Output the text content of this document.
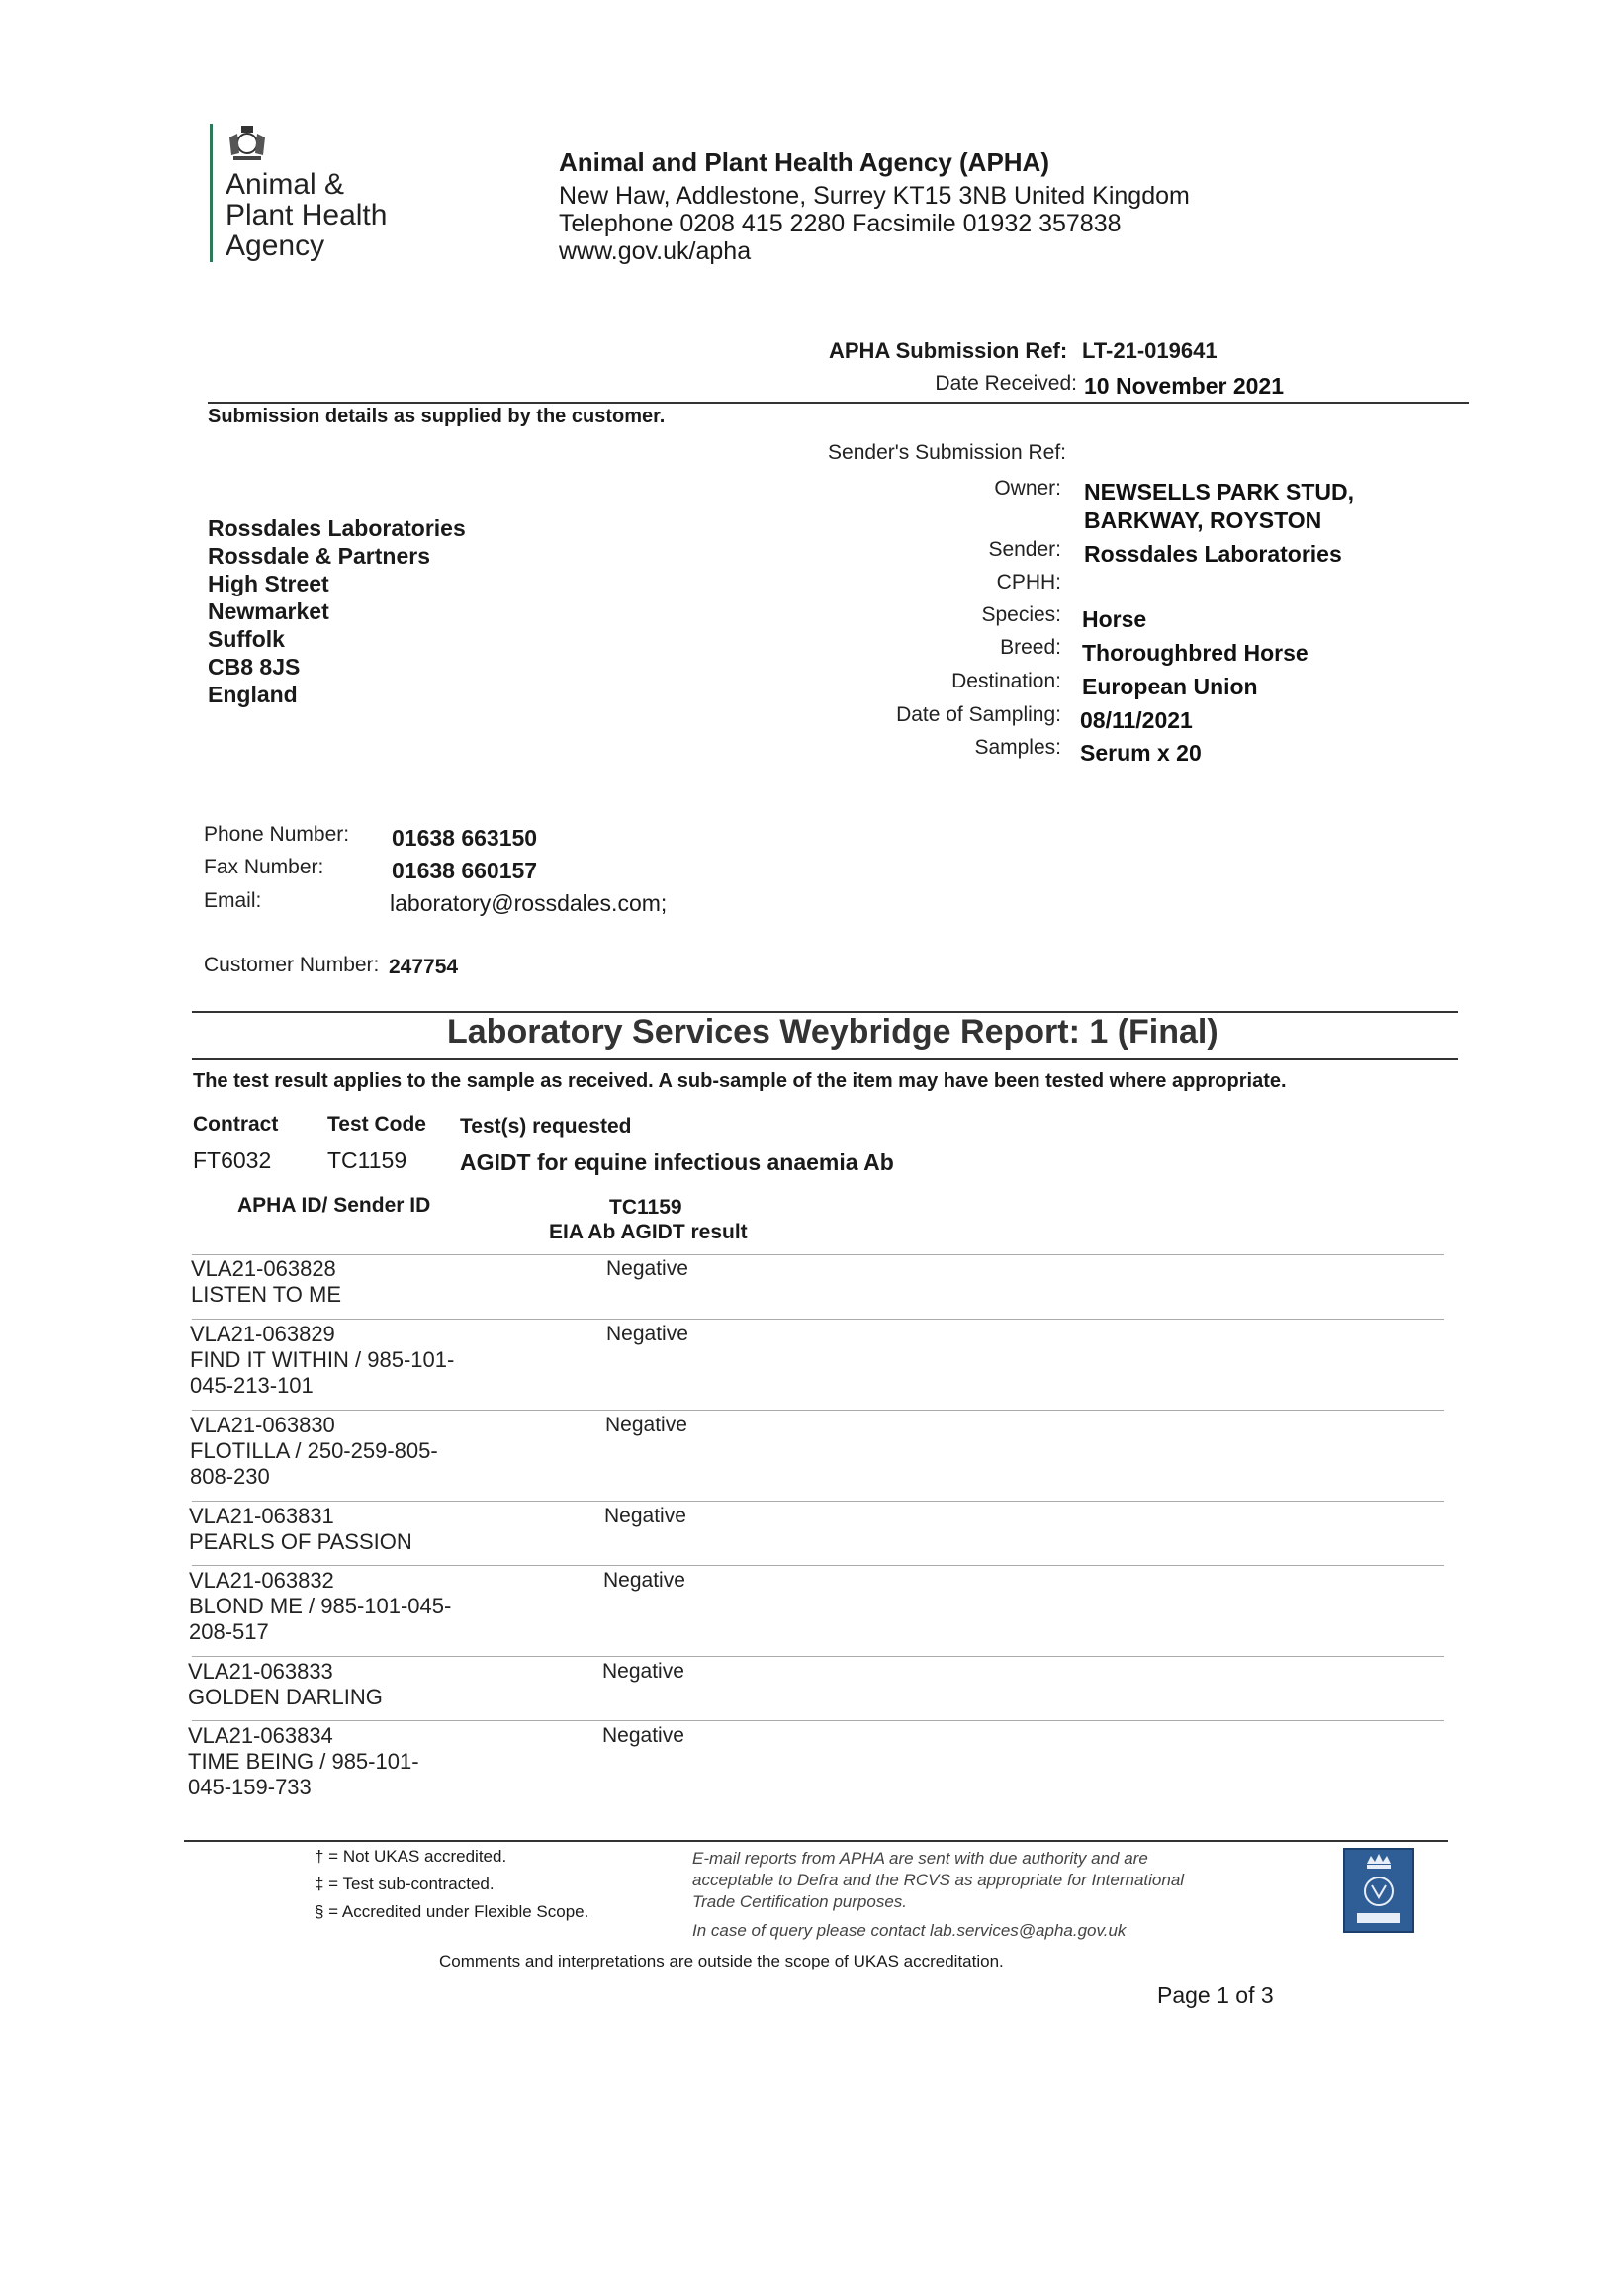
Animal &
Plant Health
Agency
Animal and Plant Health Agency (APHA)
New Haw, Addlestone, Surrey KT15 3NB United Kingdom
Telephone 0208 415 2280 Facsimile 01932 357838
www.gov.uk/apha
APHA Submission Ref: LT-21-019641
Date Received: 10 November 2021
Submission details as supplied by the customer.
Sender's Submission Ref:
Owner: NEWSELLS PARK STUD,
BARKWAY, ROYSTON
Sender: Rossdales Laboratories
CPHH:
Species: Horse
Breed: Thoroughbred Horse
Destination: European Union
Date of Sampling: 08/11/2021
Samples: Serum x 20
Rossdales Laboratories
Rossdale & Partners
High Street
Newmarket
Suffolk
CB8 8JS
England
Phone Number: 01638 663150
Fax Number:	01638 660157
Email:	laboratory@rossdales.com;
Customer Number: 247754
Laboratory Services Weybridge Report: 1 (Final)
The test result applies to the sample as received. A sub-sample of the item may have been tested where appropriate.
Contract Test Code Test(s) requested
FT6032 TC1159 AGIDT for equine infectious anaemia Ab
APHA ID/ Sender ID	TC1159
EIA Ab AGIDT result
VLA21-063828
LISTEN TO ME
Negative
VLA21-063829
FIND IT WITHIN / 985-101-
045-213-101
Negative
VLA21-063830
FLOTILLA / 250-259-805-
808-230
Negative
VLA21-063831
PEARLS OF PASSION
Negative
VLA21-063832
BLOND ME / 985-101-045-
208-517
Negative
VLA21-063833
GOLDEN DARLING
Negative
VLA21-063834
TIME BEING / 985-101-
045-159-733
Negative
† = Not UKAS accredited.
‡ = Test sub-contracted.
§ = Accredited under Flexible Scope.
E-mail reports from APHA are sent with due authority and are
acceptable to Defra and the RCVS as appropriate for International
Trade Certification purposes.
In case of query please contact lab.services@apha.gov.uk
Comments and interpretations are outside the scope of UKAS accreditation.
Page 1 of 3
